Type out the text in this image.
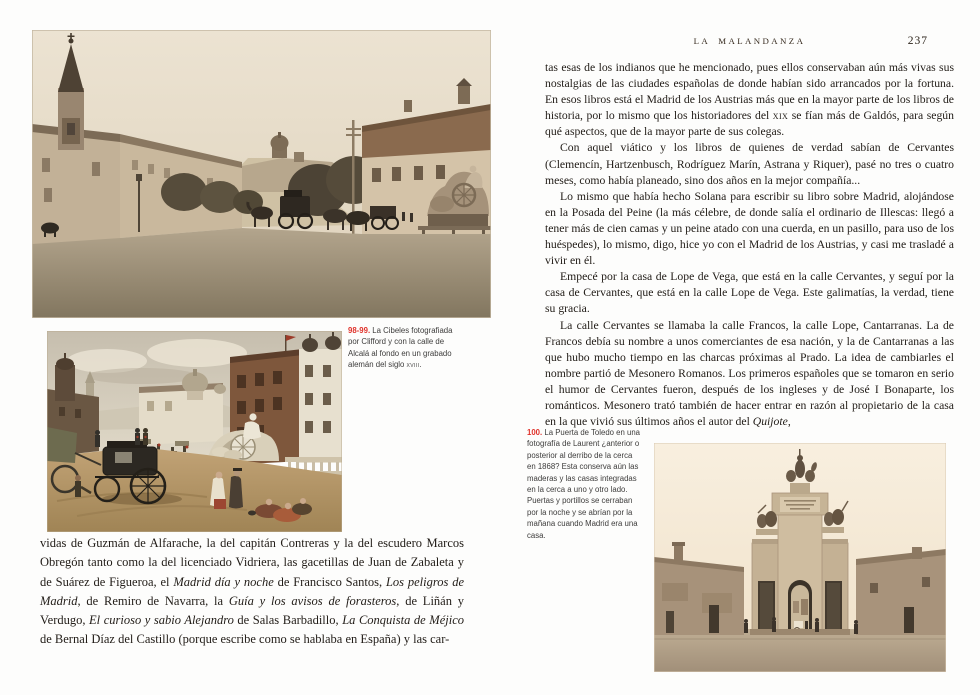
98-99. La Cibeles fotografiada por Clifford y con la calle de Alcalá al fondo en un grabado alemán del siglo xviii.

vidas de Guzmán de Alfarache, la del capitán Contreras y la del escudero Marcos Obregón tanto como la del licenciado Vidriera, las gacetillas de Juan de Zabaleta y de Suárez de Figueroa, el Madrid día y noche de Francisco Santos, Los peligros de Madrid, de Remiro de Navarra, la Guía y los avisos de forasteros, de Liñán y Verdugo, El curioso y sabio Alejandro de Salas Barbadillo, La Conquista de Méjico de Bernal Díaz del Castillo (porque escribe como se hablaba en España) y las car-

LA MALANDANZA	237

tas esas de los indianos que he mencionado, pues ellos conservaban aún más vivas sus nostalgias de las ciudades españolas de donde habían sido arrancados por la fortuna. En esos libros está el Madrid de los Austrias más que en la mayor parte de los libros de historia, por lo mismo que los historiadores del xix se fían más de Galdós, para según qué aspectos, que de la mayor parte de sus colegas.

Con aquel viático y los libros de quienes de verdad sabían de Cervantes (Clemencín, Hartzenbusch, Rodríguez Marín, Astrana y Riquer), pasé no tres o cuatro meses, como había planeado, sino dos años en la mejor compañía...

Lo mismo que había hecho Solana para escribir su libro sobre Madrid, alojándose en la Posada del Peine (la más célebre, de donde salía el ordinario de Illescas: llegó a tener más de cien camas y un peine atado con una cuerda, en un pasillo, para uso de los huéspedes), lo mismo, digo, hice yo con el Madrid de los Austrias, y casi me trasladé a vivir en él.

Empecé por la casa de Lope de Vega, que está en la calle Cervantes, y seguí por la casa de Cervantes, que está en la calle Lope de Vega. Este galimatías, la verdad, tiene su gracia.

La calle Cervantes se llamaba la calle Francos, la calle Lope, Cantarranas. La de Francos debía su nombre a unos comerciantes de esa nación, y la de Cantarranas a las que hubo mucho tiempo en las charcas próximas al Prado. La idea de cambiarles el nombre partió de Mesonero Romanos. Los primeros españoles que se tomaron en serio el humor de Cervantes fueron, después de los ingleses y de José I Bonaparte, los románticos. Mesonero trató también de hacer entrar en razón al propietario de la casa en la que vivió sus últimos años el autor del Quijote,

100. La Puerta de Toledo en una fotografía de Laurent ¿anterior o posterior al derribo de la cerca en 1868? Esta conserva aún las maderas y las casas integradas en la cerca a uno y otro lado. Puertas y portillos se cerraban por la noche y se abrían por la mañana cuando Madrid era una casa.
